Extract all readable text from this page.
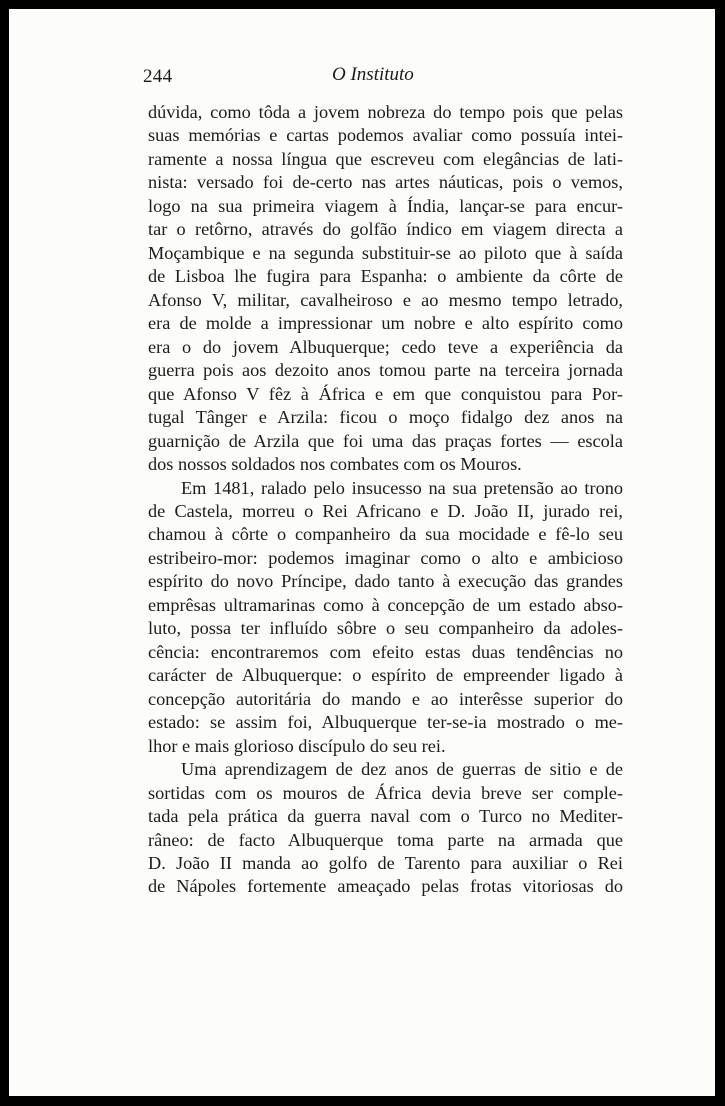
244	O Instituto
dúvida, como tôda a jovem nobreza do tempo pois que pelas
suas memórias e cartas podemos avaliar como possuía intei-
ramente a nossa língua que escreveu com elegâncias de lati-
nista: versado foi de-certo nas artes náuticas, pois o vemos,
logo na sua primeira viagem à Índia, lançar-se para encur-
tar o retôrno, através do golfão índico em viagem directa a
Moçambique e na segunda substituir-se ao piloto que à saída
de Lisboa lhe fugira para Espanha: o ambiente da côrte de
Afonso V, militar, cavalheiroso e ao mesmo tempo letrado,
era de molde a impressionar um nobre e alto espírito como
era o do jovem Albuquerque; cedo teve a experiência da
guerra pois aos dezoito anos tomou parte na terceira jornada
que Afonso V fêz à África e em que conquistou para Por-
tugal Tânger e Arzila: ficou o moço fidalgo dez anos na
guarnição de Arzila que foi uma das praças fortes — escola
dos nossos soldados nos combates com os Mouros.
Em 1481, ralado pelo insucesso na sua pretensão ao trono
de Castela, morreu o Rei Africano e D. João II, jurado rei,
chamou à côrte o companheiro da sua mocidade e fê-lo seu
estribeiro-mor: podemos imaginar como o alto e ambicioso
espírito do novo Príncipe, dado tanto à execução das grandes
emprêsas ultramarinas como à concepção de um estado abso-
luto, possa ter influído sôbre o seu companheiro da adoles-
cência: encontraremos com efeito estas duas tendências no
carácter de Albuquerque: o espírito de empreender ligado à
concepção autoritária do mando e ao interêsse superior do
estado: se assim foi, Albuquerque ter-se-ia mostrado o me-
lhor e mais glorioso discípulo do seu rei.
Uma aprendizagem de dez anos de guerras de sitio e de
sortidas com os mouros de África devia breve ser comple-
tada pela prática da guerra naval com o Turco no Mediter-
râneo: de facto Albuquerque toma parte na armada que
D. João II manda ao golfo de Tarento para auxiliar o Rei
de Nápoles fortemente ameaçado pelas frotas vitoriosas do
